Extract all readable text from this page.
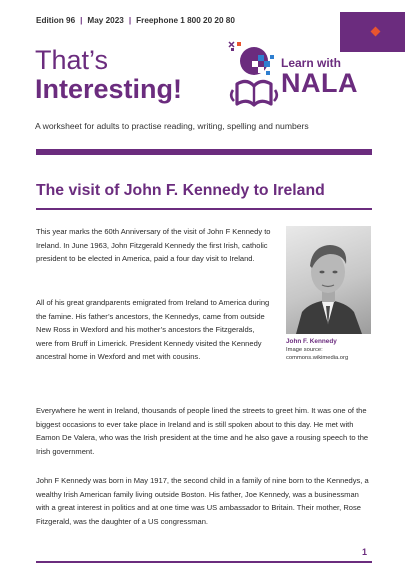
Edition 96 | May 2023 | Freephone 1 800 20 20 80
That’s
Interesting!
Learn with
NALA
A worksheet for adults to practise reading, writing, spelling and numbers
The visit of John F. Kennedy to Ireland

This year marks the 60th Anniversary of the visit of John F Kennedy to Ireland. In June 1963, John Fitzgerald Kennedy the first Irish, catholic president to be elected in America, paid a four day visit to Ireland.

All of his great grandparents emigrated from Ireland to America during the famine. His father’s ancestors, the Kennedys, came from outside New Ross in Wexford and his mother’s ancestors the Fitzgeralds, were from Bruff in Limerick. President Kennedy visited the Kennedy ancestral home in Wexford and met with cousins.

Everywhere he went in Ireland, thousands of people lined the streets to greet him. It was one of the biggest occasions to ever take place in Ireland and is still spoken about to this day. He met with Eamon De Valera, who was the Irish president at the time and he also gave a rousing speech to the Irish government.

John F Kennedy was born in May 1917, the second child in a family of nine born to the Kennedys, a wealthy Irish American family living outside Boston. His father, Joe Kennedy, was a businessman with a great interest in politics and at one time was US ambassador to Britain. Their mother, Rose Fitzgerald, was the daughter of a US congressman.

John F. Kennedy
Image source:
commons.wikimedia.org
1
